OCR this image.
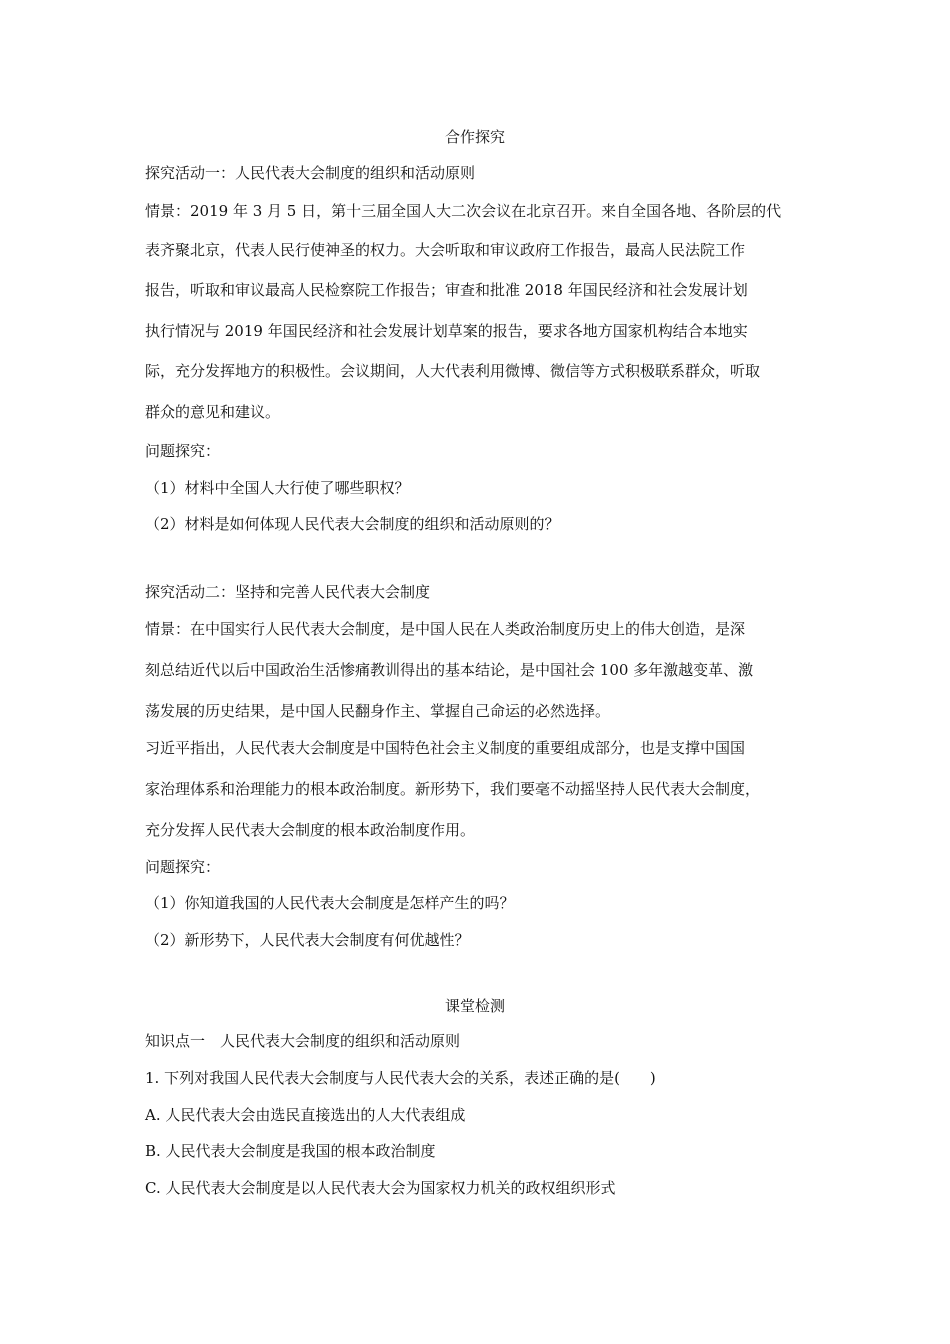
合作探究
探究活动一：人民代表大会制度的组织和活动原则
情景：2019 年 3 月 5 日，第十三届全国人大二次会议在北京召开。来自全国各地、各阶层的代
表齐聚北京，代表人民行使神圣的权力。大会听取和审议政府工作报告，最高人民法院工作
报告，听取和审议最高人民检察院工作报告；审查和批准 2018 年国民经济和社会发展计划
执行情况与 2019 年国民经济和社会发展计划草案的报告，要求各地方国家机构结合本地实
际，充分发挥地方的积极性。会议期间，人大代表利用微博、微信等方式积极联系群众，听取
群众的意见和建议。
问题探究：
（1）材料中全国人大行使了哪些职权？
（2）材料是如何体现人民代表大会制度的组织和活动原则的？
探究活动二：坚持和完善人民代表大会制度
情景：在中国实行人民代表大会制度，是中国人民在人类政治制度历史上的伟大创造，是深
刻总结近代以后中国政治生活惨痛教训得出的基本结论，是中国社会 100 多年激越变革、激
荡发展的历史结果，是中国人民翻身作主、掌握自己命运的必然选择。
习近平指出，人民代表大会制度是中国特色社会主义制度的重要组成部分，也是支撑中国国
家治理体系和治理能力的根本政治制度。新形势下，我们要毫不动摇坚持人民代表大会制度，
充分发挥人民代表大会制度的根本政治制度作用。
问题探究：
（1）你知道我国的人民代表大会制度是怎样产生的吗？
（2）新形势下，人民代表大会制度有何优越性？
课堂检测
知识点一　人民代表大会制度的组织和活动原则
1. 下列对我国人民代表大会制度与人民代表大会的关系，表述正确的是(　　)
A. 人民代表大会由选民直接选出的人大代表组成
B. 人民代表大会制度是我国的根本政治制度
C. 人民代表大会制度是以人民代表大会为国家权力机关的政权组织形式
